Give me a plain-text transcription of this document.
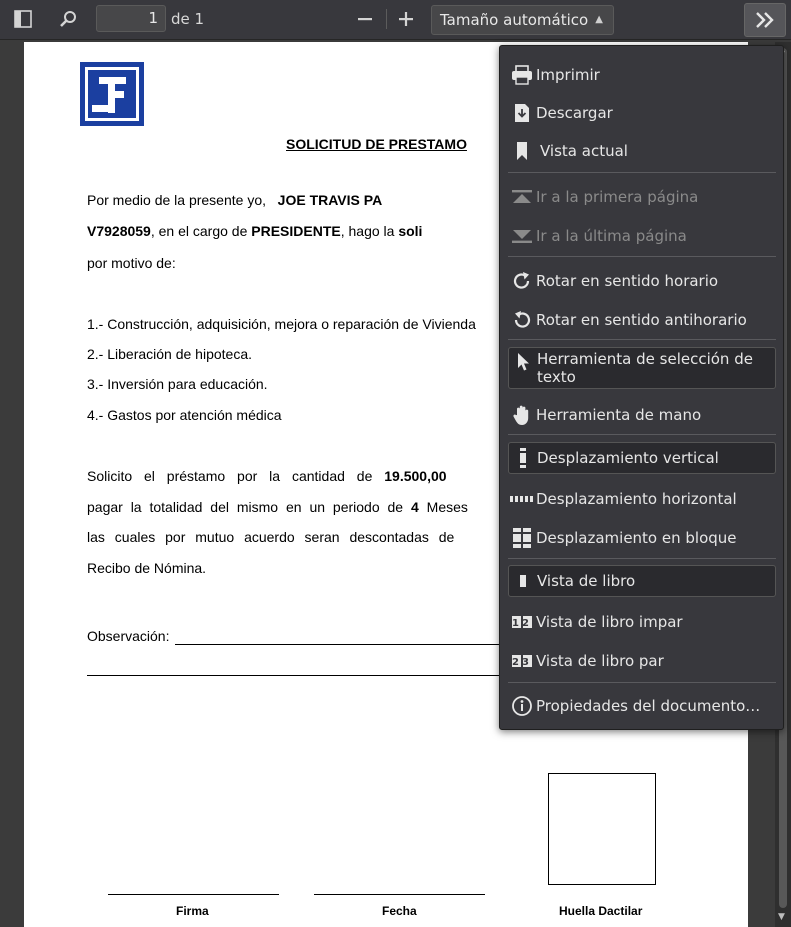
1 de 1	Tamaño automático ▲

SOLICITUD DE PRESTAMO
Por medio de la presente yo, JOE TRAVIS PA
V7928059, en el cargo de PRESIDENTE, hago la soli
por motivo de:
1.- Construcción, adquisición, mejora o reparación de Vivienda
2.- Liberación de hipoteca.
3.- Inversión para educación.
4.- Gastos por atención médica
Solicito el préstamo por la cantidad de 19.500,00
pagar la totalidad del mismo en un periodo de 4 Meses
las cuales por mutuo acuerdo seran descontadas de
Recibo de Nómina.
Observación:
Firma	Fecha	Huella Dactilar	▼
Imprimir
Descargar
Vista actual
Ir a la primera página
Ir a la última página
Rotar en sentido horario
Rotar en sentido antihorario
Herramienta de selección de texto
Herramienta de mano
Desplazamiento vertical
Desplazamiento horizontal
Desplazamiento en bloque
Vista de libro
12 Vista de libro impar
23 Vista de libro par
Propiedades del documento…
